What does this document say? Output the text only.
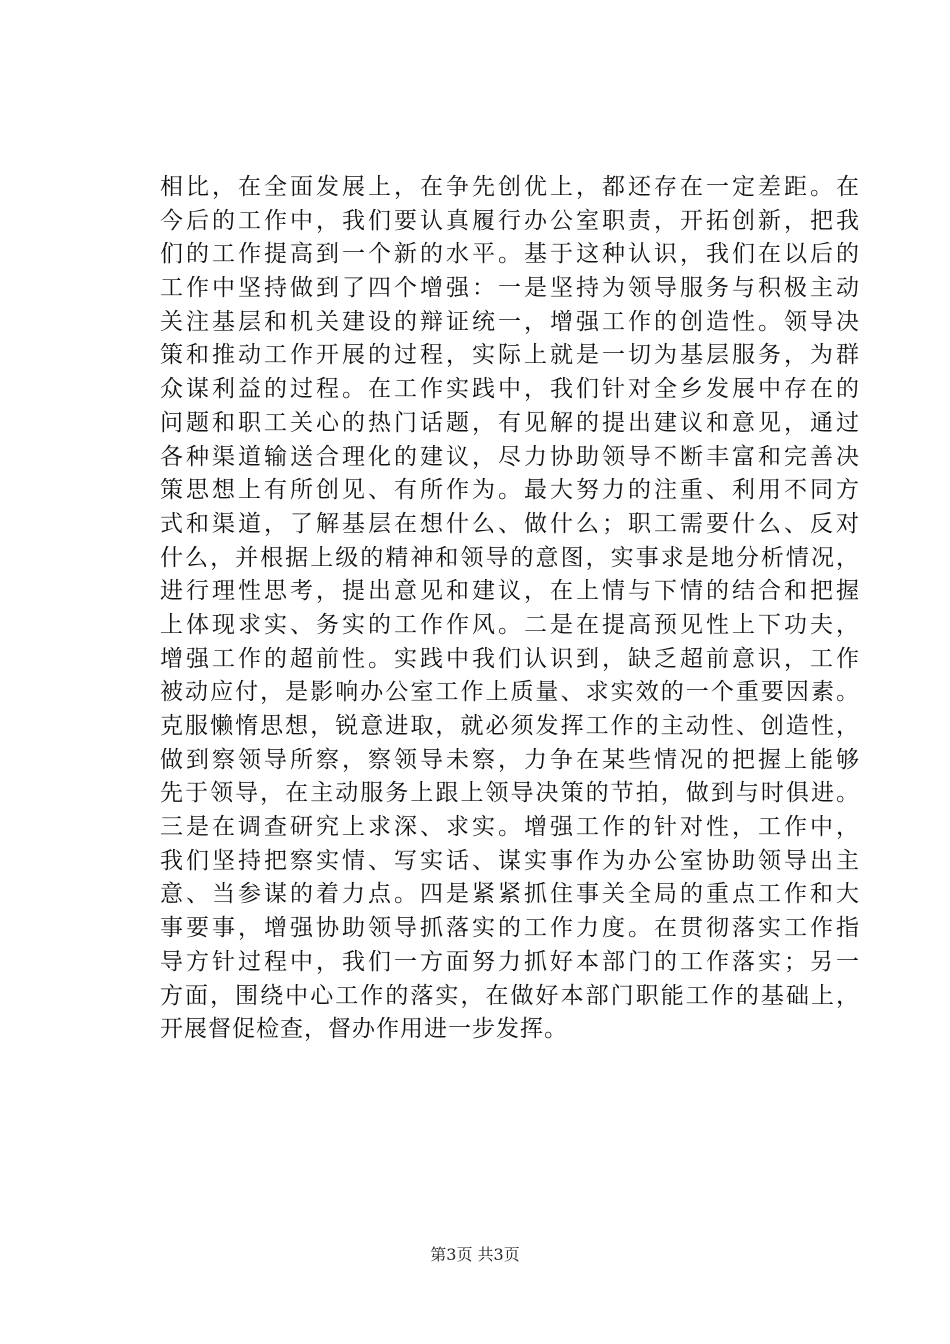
相比，在全面发展上，在争先创优上，都还存在一定差距。在
今后的工作中，我们要认真履行办公室职责，开拓创新，把我
们的工作提高到一个新的水平。基于这种认识，我们在以后的
工作中坚持做到了四个增强：一是坚持为领导服务与积极主动
关注基层和机关建设的辩证统一，增强工作的创造性。领导决
策和推动工作开展的过程，实际上就是一切为基层服务，为群
众谋利益的过程。在工作实践中，我们针对全乡发展中存在的
问题和职工关心的热门话题，有见解的提出建议和意见，通过
各种渠道输送合理化的建议，尽力协助领导不断丰富和完善决
策思想上有所创见、有所作为。最大努力的注重、利用不同方
式和渠道，了解基层在想什么、做什么；职工需要什么、反对
什么，并根据上级的精神和领导的意图，实事求是地分析情况，
进行理性思考，提出意见和建议，在上情与下情的结合和把握
上体现求实、务实的工作作风。二是在提高预见性上下功夫，
增强工作的超前性。实践中我们认识到，缺乏超前意识，工作
被动应付，是影响办公室工作上质量、求实效的一个重要因素。
克服懒惰思想，锐意进取，就必须发挥工作的主动性、创造性，
做到察领导所察，察领导未察，力争在某些情况的把握上能够
先于领导，在主动服务上跟上领导决策的节拍，做到与时俱进。
三是在调查研究上求深、求实。增强工作的针对性，工作中，
我们坚持把察实情、写实话、谋实事作为办公室协助领导出主
意、当参谋的着力点。四是紧紧抓住事关全局的重点工作和大
事要事，增强协助领导抓落实的工作力度。在贯彻落实工作指
导方针过程中，我们一方面努力抓好本部门的工作落实；另一
方面，围绕中心工作的落实，在做好本部门职能工作的基础上，
开展督促检查，督办作用进一步发挥。
第3页 共3页
